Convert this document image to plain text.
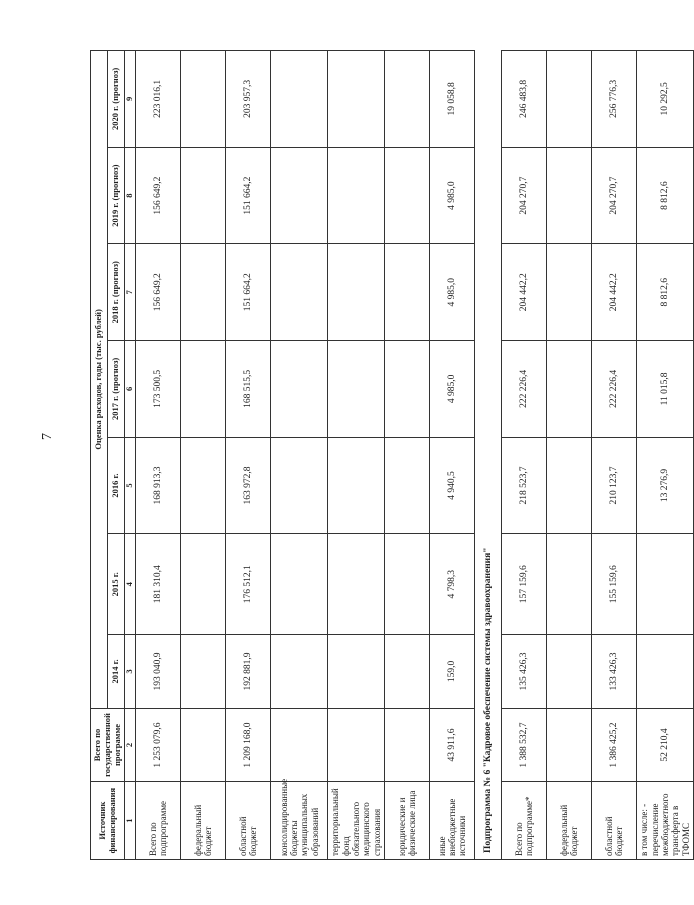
7
Источник финансирования	Всего по государственной программе	Оценка расходов, годы (тыс. рублей)						
		2014 г.	2015 г.	2016 г.	2017 г. (прогноз)	2018 г. (прогноз)	2019 г. (прогноз)	2020 г. (прогноз)
1	2	3	4	5	6	7	8	9
Всего по подпрограмме	1 253 079,6	193 040,9	181 310,4	168 913,3	173 500,5	156 649,2	156 649,2	223 016,1
федеральный бюджет								
областной бюджет	1 209 168,0	192 881,9	176 512,1	163 972,8	168 515,5	151 664,2	151 664,2	203 957,3
консолидированные бюджеты муниципальных образований								
территориальный фонд обязательного медицинского страхования								
юридические и физические лица								
иные внебюджетные источники	43 911,6	159,0	4 798,3	4 940,5	4 985,0	4 985,0	4 985,0	19 058,8
Подпрограмма № 6 "Кадровое обеспечение системы здравоохранения"								
Всего по подпрограмме*	1 388 532,7	135 426,3	157 159,6	218 523,7	222 226,4	204 442,2	204 270,7	246 483,8
федеральный бюджет								
областной бюджет	1 386 425,2	133 426,3	155 159,6	210 123,7	222 226,4	204 442,2	204 270,7	256 776,3
в том числе: - перечисление межбюджетного трансферта в ТФОМС	52 210,4			13 276,9	11 015,8	8 812,6	8 812,6	10 292,5
